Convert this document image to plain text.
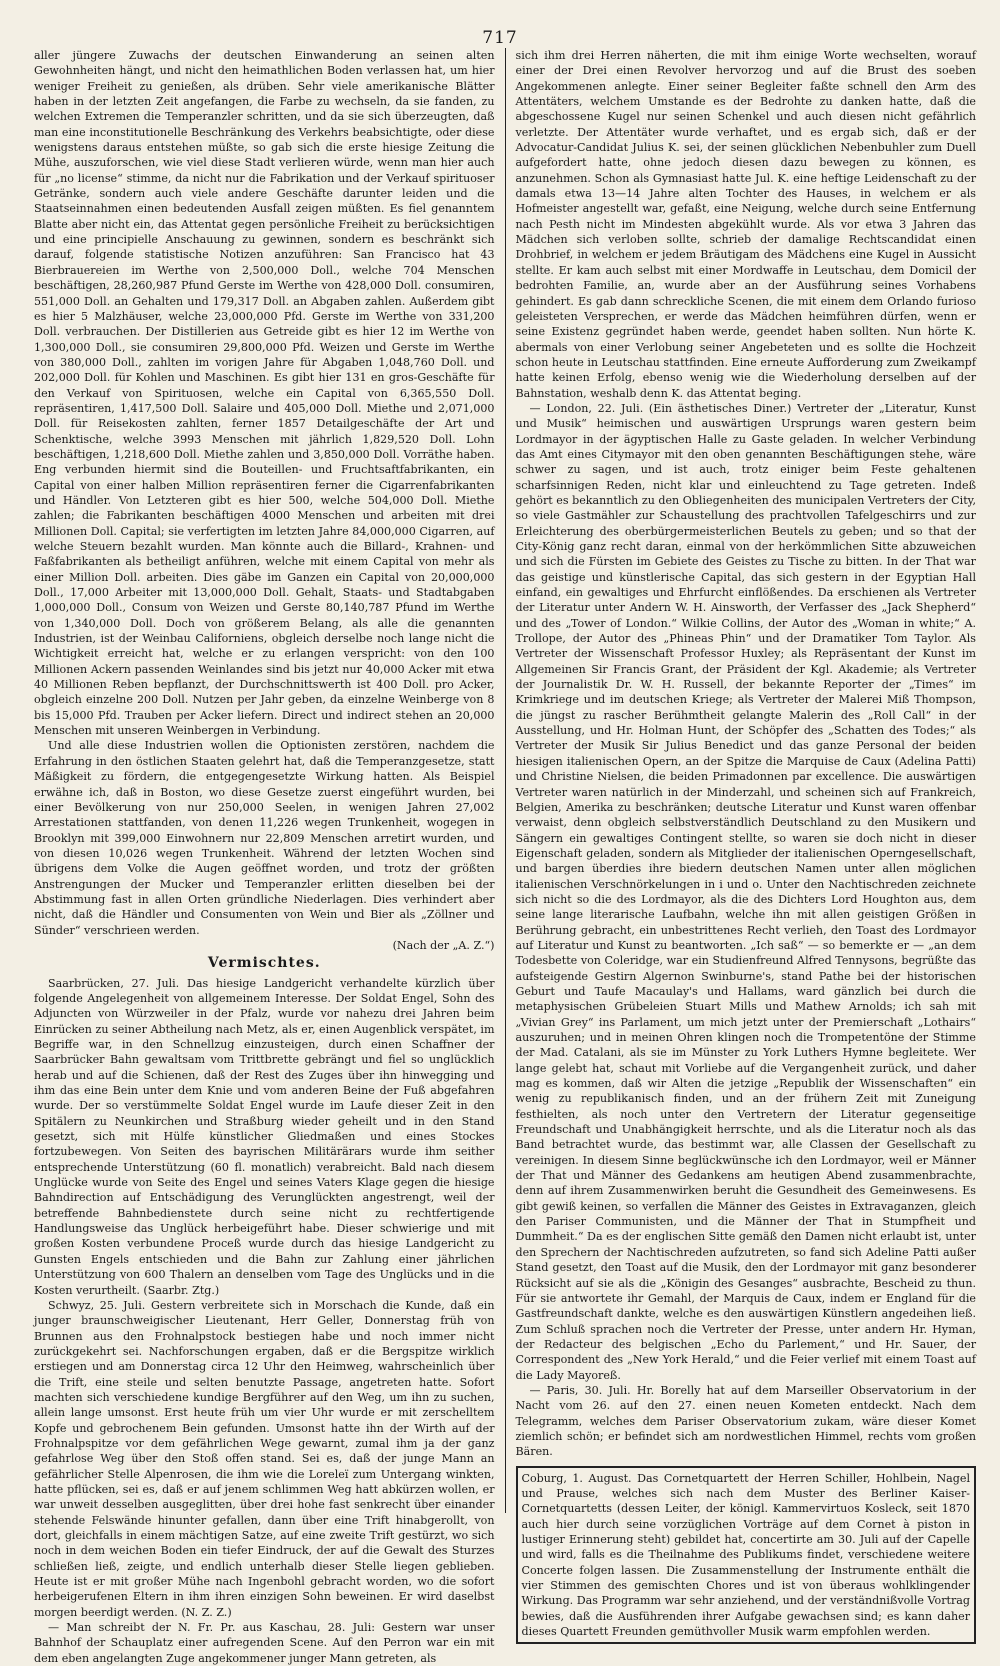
717

aller jüngere Zuwachs der deutschen Einwanderung an seinen alten Gewohnheiten hängt, und nicht den heimathlichen Boden verlassen hat, um hier weniger Freiheit zu genießen, als drüben. Sehr viele amerikanische Blätter haben in der letzten Zeit angefangen, die Farbe zu wechseln, da sie fanden, zu welchen Extremen die Temperanzler schritten, und da sie sich überzeugten, daß man eine inconstitutionelle Beschränkung des Verkehrs beabsichtigte, oder diese wenigstens daraus entstehen müßte, so gab sich die erste hiesige Zeitung die Mühe, auszuforschen, wie viel diese Stadt verlieren würde, wenn man hier auch für „no license“ stimme, da nicht nur die Fabrikation und der Verkauf spirituoser Getränke, sondern auch viele andere Geschäfte darunter leiden und die Staatseinnahmen einen bedeutenden Ausfall zeigen müßten. Es fiel genanntem Blatte aber nicht ein, das Attentat gegen persönliche Freiheit zu berücksichtigen und eine principielle Anschauung zu gewinnen, sondern es beschränkt sich darauf, folgende statistische Notizen anzuführen: San Francisco hat 43 Bierbrauereien im Werthe von 2,500,000 Doll., welche 704 Menschen beschäftigen, 28,260,987 Pfund Gerste im Werthe von 428,000 Doll. consumiren, 551,000 Doll. an Gehalten und 179,317 Doll. an Abgaben zahlen. Außerdem gibt es hier 5 Malzhäuser, welche 23,000,000 Pfd. Gerste im Werthe von 331,200 Doll. verbrauchen. Der Distillerien aus Getreide gibt es hier 12 im Werthe von 1,300,000 Doll., sie consumiren 29,800,000 Pfd. Weizen und Gerste im Werthe von 380,000 Doll., zahlten im vorigen Jahre für Abgaben 1,048,760 Doll. und 202,000 Doll. für Kohlen und Maschinen. Es gibt hier 131 en gros-Geschäfte für den Verkauf von Spirituosen, welche ein Capital von 6,365,550 Doll. repräsentiren, 1,417,500 Doll. Salaire und 405,000 Doll. Miethe und 2,071,000 Doll. für Reisekosten zahlten, ferner 1857 Detailgeschäfte der Art und Schenktische, welche 3993 Menschen mit jährlich 1,829,520 Doll. Lohn beschäftigen, 1,218,600 Doll. Miethe zahlen und 3,850,000 Doll. Vorräthe haben. Eng verbunden hiermit sind die Bouteillen- und Fruchtsaftfabrikanten, ein Capital von einer halben Million repräsentiren ferner die Cigarrenfabrikanten und Händler. Von Letzteren gibt es hier 500, welche 504,000 Doll. Miethe zahlen; die Fabrikanten beschäftigen 4000 Menschen und arbeiten mit drei Millionen Doll. Capital; sie verfertigten im letzten Jahre 84,000,000 Cigarren, auf welche Steuern bezahlt wurden. Man könnte auch die Billard-, Krahnen- und Faßfabrikanten als betheiligt anführen, welche mit einem Capital von mehr als einer Million Doll. arbeiten. Dies gäbe im Ganzen ein Capital von 20,000,000 Doll., 17,000 Arbeiter mit 13,000,000 Doll. Gehalt, Staats- und Stadtabgaben 1,000,000 Doll., Consum von Weizen und Gerste 80,140,787 Pfund im Werthe von 1,340,000 Doll. Doch von größerem Belang, als alle die genannten Industrien, ist der Weinbau Californiens, obgleich derselbe noch lange nicht die Wichtigkeit erreicht hat, welche er zu erlangen verspricht: von den 100 Millionen Ackern passenden Weinlandes sind bis jetzt nur 40,000 Acker mit etwa 40 Millionen Reben bepflanzt, der Durchschnittswerth ist 400 Doll. pro Acker, obgleich einzelne 200 Doll. Nutzen per Jahr geben, da einzelne Weinberge von 8 bis 15,000 Pfd. Trauben per Acker liefern. Direct und indirect stehen an 20,000 Menschen mit unseren Weinbergen in Verbindung.

Und alle diese Industrien wollen die Optionisten zerstören, nachdem die Erfahrung in den östlichen Staaten gelehrt hat, daß die Temperanzgesetze, statt Mäßigkeit zu fördern, die entgegengesetzte Wirkung hatten. Als Beispiel erwähne ich, daß in Boston, wo diese Gesetze zuerst eingeführt wurden, bei einer Bevölkerung von nur 250,000 Seelen, in wenigen Jahren 27,002 Arrestationen stattfanden, von denen 11,226 wegen Trunkenheit, wogegen in Brooklyn mit 399,000 Einwohnern nur 22,809 Menschen arretirt wurden, und von diesen 10,026 wegen Trunkenheit. Während der letzten Wochen sind übrigens dem Volke die Augen geöffnet worden, und trotz der größten Anstrengungen der Mucker und Temperanzler erlitten dieselben bei der Abstimmung fast in allen Orten gründliche Niederlagen. Dies verhindert aber nicht, daß die Händler und Consumenten von Wein und Bier als „Zöllner und Sünder“ verschrieen werden.

(Nach der „A. Z.“)

Vermischtes.

Saarbrücken, 27. Juli. Das hiesige Landgericht verhandelte kürzlich über folgende Angelegenheit von allgemeinem Interesse. Der Soldat Engel, Sohn des Adjuncten von Würzweiler in der Pfalz, wurde vor nahezu drei Jahren beim Einrücken zu seiner Abtheilung nach Metz, als er, einen Augenblick verspätet, im Begriffe war, in den Schnellzug einzusteigen, durch einen Schaffner der Saarbrücker Bahn gewaltsam vom Trittbrette gebrängt und fiel so unglücklich herab und auf die Schienen, daß der Rest des Zuges über ihn hinwegging und ihm das eine Bein unter dem Knie und vom anderen Beine der Fuß abgefahren wurde. Der so verstümmelte Soldat Engel wurde im Laufe dieser Zeit in den Spitälern zu Neunkirchen und Straßburg wieder geheilt und in den Stand gesetzt, sich mit Hülfe künstlicher Gliedmaßen und eines Stockes fortzubewegen. Von Seiten des bayrischen Militärärars wurde ihm seither entsprechende Unterstützung (60 fl. monatlich) verabreicht. Bald nach diesem Unglücke wurde von Seite des Engel und seines Vaters Klage gegen die hiesige Bahndirection auf Entschädigung des Verunglückten angestrengt, weil der betreffende Bahnbedienstete durch seine nicht zu rechtfertigende Handlungsweise das Unglück herbeigeführt habe. Dieser schwierige und mit großen Kosten verbundene Proceß wurde durch das hiesige Landgericht zu Gunsten Engels entschieden und die Bahn zur Zahlung einer jährlichen Unterstützung von 600 Thalern an denselben vom Tage des Unglücks und in die Kosten verurtheilt. (Saarbr. Ztg.)

Schwyz, 25. Juli. Gestern verbreitete sich in Morschach die Kunde, daß ein junger braunschweigischer Lieutenant, Herr Geller, Donnerstag früh von Brunnen aus den Frohnalpstock bestiegen habe und noch immer nicht zurückgekehrt sei. Nachforschungen ergaben, daß er die Bergspitze wirklich erstiegen und am Donnerstag circa 12 Uhr den Heimweg, wahrscheinlich über die Trift, eine steile und selten benutzte Passage, angetreten hatte. Sofort machten sich verschiedene kundige Bergführer auf den Weg, um ihn zu suchen, allein lange umsonst. Erst heute früh um vier Uhr wurde er mit zerschelltem Kopfe und gebrochenem Bein gefunden. Umsonst hatte ihn der Wirth auf der Frohnalpspitze vor dem gefährlichen Wege gewarnt, zumal ihm ja der ganz gefahrlose Weg über den Stoß offen stand. Sei es, daß der junge Mann an gefährlicher Stelle Alpenrosen, die ihm wie die Loreleï zum Untergang winkten, hatte pflücken, sei es, daß er auf jenem schlimmen Weg hatt abkürzen wollen, er war unweit desselben ausgeglitten, über drei hohe fast senkrecht über einander stehende Felswände hinunter gefallen, dann über eine Trift hinabgerollt, von dort, gleichfalls in einem mächtigen Satze, auf eine zweite Trift gestürzt, wo sich noch in dem weichen Boden ein tiefer Eindruck, der auf die Gewalt des Sturzes schließen ließ, zeigte, und endlich unterhalb dieser Stelle liegen geblieben. Heute ist er mit großer Mühe nach Ingenbohl gebracht worden, wo die sofort herbeigerufenen Eltern in ihm ihren einzigen Sohn beweinen. Er wird daselbst morgen beerdigt werden. (N. Z. Z.)

— Man schreibt der N. Fr. Pr. aus Kaschau, 28. Juli: Gestern war unser Bahnhof der Schauplatz einer aufregenden Scene. Auf den Perron war ein mit dem eben angelangten Zuge angekommener junger Mann getreten, als

sich ihm drei Herren näherten, die mit ihm einige Worte wechselten, worauf einer der Drei einen Revolver hervorzog und auf die Brust des soeben Angekommenen anlegte. Einer seiner Begleiter faßte schnell den Arm des Attentäters, welchem Umstande es der Bedrohte zu danken hatte, daß die abgeschossene Kugel nur seinen Schenkel und auch diesen nicht gefährlich verletzte. Der Attentäter wurde verhaftet, und es ergab sich, daß er der Advocatur-Candidat Julius K. sei, der seinen glücklichen Nebenbuhler zum Duell aufgefordert hatte, ohne jedoch diesen dazu bewegen zu können, es anzunehmen. Schon als Gymnasiast hatte Jul. K. eine heftige Leidenschaft zu der damals etwa 13—14 Jahre alten Tochter des Hauses, in welchem er als Hofmeister angestellt war, gefaßt, eine Neigung, welche durch seine Entfernung nach Pesth nicht im Mindesten abgekühlt wurde. Als vor etwa 3 Jahren das Mädchen sich verloben sollte, schrieb der damalige Rechtscandidat einen Drohbrief, in welchem er jedem Bräutigam des Mädchens eine Kugel in Aussicht stellte. Er kam auch selbst mit einer Mordwaffe in Leutschau, dem Domicil der bedrohten Familie, an, wurde aber an der Ausführung seines Vorhabens gehindert. Es gab dann schreckliche Scenen, die mit einem dem Orlando furioso geleisteten Versprechen, er werde das Mädchen heimführen dürfen, wenn er seine Existenz gegründet haben werde, geendet haben sollten. Nun hörte K. abermals von einer Verlobung seiner Angebeteten und es sollte die Hochzeit schon heute in Leutschau stattfinden. Eine erneute Aufforderung zum Zweikampf hatte keinen Erfolg, ebenso wenig wie die Wiederholung derselben auf der Bahnstation, weshalb denn K. das Attentat beging.

— London, 22. Juli. (Ein ästhetisches Diner.) Vertreter der „Literatur, Kunst und Musik“ heimischen und auswärtigen Ursprungs waren gestern beim Lordmayor in der ägyptischen Halle zu Gaste geladen. In welcher Verbindung das Amt eines Citymayor mit den oben genannten Beschäftigungen stehe, wäre schwer zu sagen, und ist auch, trotz einiger beim Feste gehaltenen scharfsinnigen Reden, nicht klar und einleuchtend zu Tage getreten. Indeß gehört es bekanntlich zu den Obliegenheiten des municipalen Vertreters der City, so viele Gastmähler zur Schaustellung des prachtvollen Tafelgeschirrs und zur Erleichterung des oberbürgermeisterlichen Beutels zu geben; und so that der City-König ganz recht daran, einmal von der herkömmlichen Sitte abzuweichen und sich die Fürsten im Gebiete des Geistes zu Tische zu bitten. In der That war das geistige und künstlerische Capital, das sich gestern in der Egyptian Hall einfand, ein gewaltiges und Ehrfurcht einflößendes. Da erschienen als Vertreter der Literatur unter Andern W. H. Ainsworth, der Verfasser des „Jack Shepherd“ und des „Tower of London.“ Wilkie Collins, der Autor des „Woman in white;“ A. Trollope, der Autor des „Phineas Phin“ und der Dramatiker Tom Taylor. Als Vertreter der Wissenschaft Professor Huxley; als Repräsentant der Kunst im Allgemeinen Sir Francis Grant, der Präsident der Kgl. Akademie; als Vertreter der Journalistik Dr. W. H. Russell, der bekannte Reporter der „Times“ im Krimkriege und im deutschen Kriege; als Vertreter der Malerei Miß Thompson, die jüngst zu rascher Berühmtheit gelangte Malerin des „Roll Call“ in der Ausstellung, und Hr. Holman Hunt, der Schöpfer des „Schatten des Todes;“ als Vertreter der Musik Sir Julius Benedict und das ganze Personal der beiden hiesigen italienischen Opern, an der Spitze die Marquise de Caux (Adelina Patti) und Christine Nielsen, die beiden Primadonnen par excellence. Die auswärtigen Vertreter waren natürlich in der Minderzahl, und scheinen sich auf Frankreich, Belgien, Amerika zu beschränken; deutsche Literatur und Kunst waren offenbar verwaist, denn obgleich selbstverständlich Deutschland zu den Musikern und Sängern ein gewaltiges Contingent stellte, so waren sie doch nicht in dieser Eigenschaft geladen, sondern als Mitglieder der italienischen Operngesellschaft, und bargen überdies ihre biedern deutschen Namen unter allen möglichen italienischen Verschnörkelungen in i und o. Unter den Nachtischreden zeichnete sich nicht so die des Lordmayor, als die des Dichters Lord Houghton aus, dem seine lange literarische Laufbahn, welche ihn mit allen geistigen Größen in Berührung gebracht, ein unbestrittenes Recht verlieh, den Toast des Lordmayor auf Literatur und Kunst zu beantworten. „Ich saß“ — so bemerkte er — „an dem Todesbette von Coleridge, war ein Studienfreund Alfred Tennysons, begrüßte das aufsteigende Gestirn Algernon Swinburne's, stand Pathe bei der historischen Geburt und Taufe Macaulay's und Hallams, ward gänzlich bei durch die metaphysischen Grübeleien Stuart Mills und Mathew Arnolds; ich sah mit „Vivian Grey“ ins Parlament, um mich jetzt unter der Premierschaft „Lothairs“ auszuruhen; und in meinen Ohren klingen noch die Trompetentöne der Stimme der Mad. Catalani, als sie im Münster zu York Luthers Hymne begleitete. Wer lange gelebt hat, schaut mit Vorliebe auf die Vergangenheit zurück, und daher mag es kommen, daß wir Alten die jetzige „Republik der Wissenschaften“ ein wenig zu republikanisch finden, und an der frühern Zeit mit Zuneigung festhielten, als noch unter den Vertretern der Literatur gegenseitige Freundschaft und Unabhängigkeit herrschte, und als die Literatur noch als das Band betrachtet wurde, das bestimmt war, alle Classen der Gesellschaft zu vereinigen. In diesem Sinne beglückwünsche ich den Lordmayor, weil er Männer der That und Männer des Gedankens am heutigen Abend zusammenbrachte, denn auf ihrem Zusammenwirken beruht die Gesundheit des Gemeinwesens. Es gibt gewiß keinen, so verfallen die Männer des Geistes in Extravaganzen, gleich den Pariser Communisten, und die Männer der That in Stumpfheit und Dummheit.“ Da es der englischen Sitte gemäß den Damen nicht erlaubt ist, unter den Sprechern der Nachtischreden aufzutreten, so fand sich Adeline Patti außer Stand gesetzt, den Toast auf die Musik, den der Lordmayor mit ganz besonderer Rücksicht auf sie als die „Königin des Gesanges“ ausbrachte, Bescheid zu thun. Für sie antwortete ihr Gemahl, der Marquis de Caux, indem er England für die Gastfreundschaft dankte, welche es den auswärtigen Künstlern angedeihen ließ. Zum Schluß sprachen noch die Vertreter der Presse, unter andern Hr. Hyman, der Redacteur des belgischen „Echo du Parlement,“ und Hr. Sauer, der Correspondent des „New York Herald,“ und die Feier verlief mit einem Toast auf die Lady Mayoreß.

— Paris, 30. Juli. Hr. Borelly hat auf dem Marseiller Observatorium in der Nacht vom 26. auf den 27. einen neuen Kometen entdeckt. Nach dem Telegramm, welches dem Pariser Observatorium zukam, wäre dieser Komet ziemlich schön; er befindet sich am nordwestlichen Himmel, rechts vom großen Bären.

Coburg, 1. August. Das Cornetquartett der Herren Schiller, Hohlbein, Nagel und Prause, welches sich nach dem Muster des Berliner Kaiser-Cornetquartetts (dessen Leiter, der königl. Kammervirtuos Kosleck, seit 1870 auch hier durch seine vorzüglichen Vorträge auf dem Cornet à piston in lustiger Erinnerung steht) gebildet hat, concertirte am 30. Juli auf der Capelle und wird, falls es die Theilnahme des Publikums findet, verschiedene weitere Concerte folgen lassen. Die Zusammenstellung der Instrumente enthält die vier Stimmen des gemischten Chores und ist von überaus wohlklingender Wirkung. Das Programm war sehr anziehend, und der verständnißvolle Vortrag bewies, daß die Ausführenden ihrer Aufgabe gewachsen sind; es kann daher dieses Quartett Freunden gemüthvoller Musik warm empfohlen werden.
